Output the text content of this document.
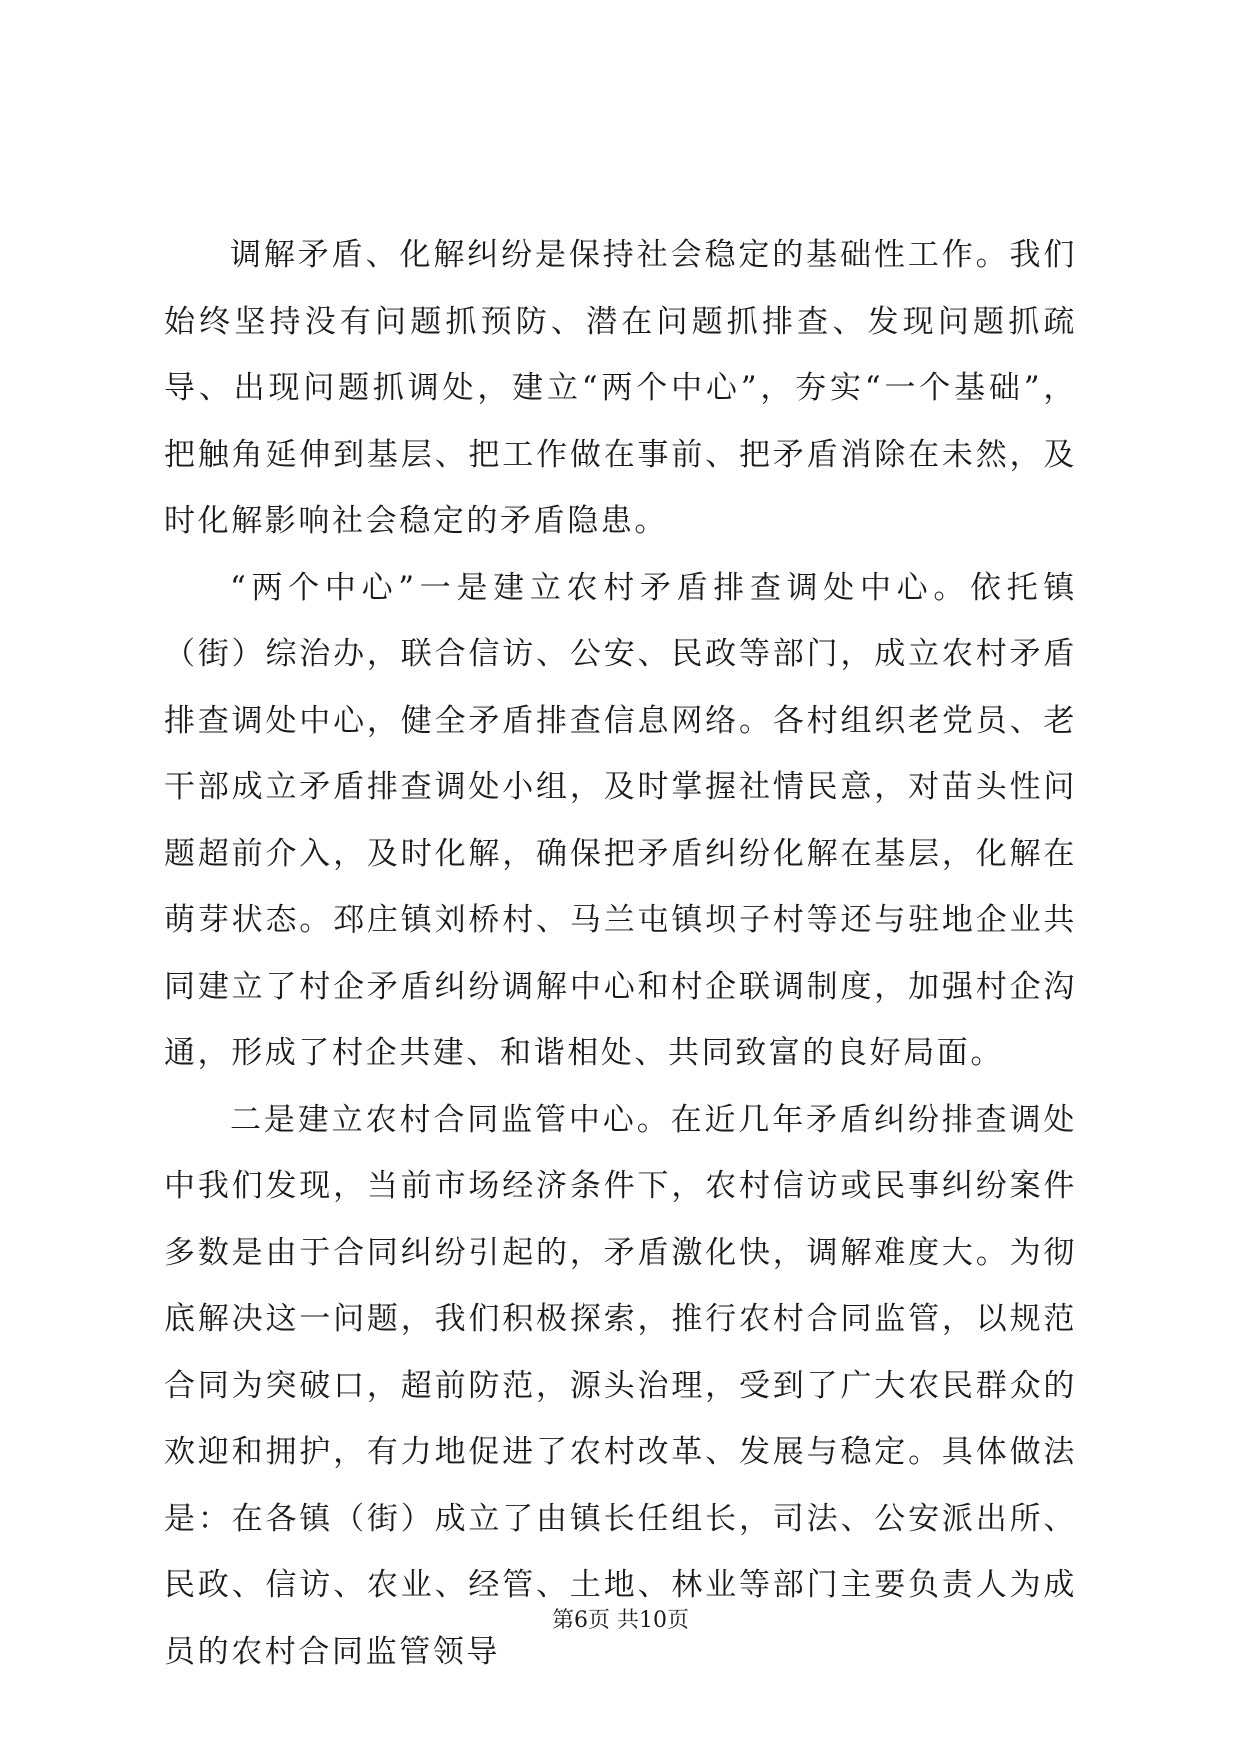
调解矛盾、化解纠纷是保持社会稳定的基础性工作。我们始终坚持没有问题抓预防、潜在问题抓排查、发现问题抓疏导、出现问题抓调处，建立“两个中心”，夯实“一个基础”，把触角延伸到基层、把工作做在事前、把矛盾消除在未然，及时化解影响社会稳定的矛盾隐患。

“两个中心”一是建立农村矛盾排查调处中心。依托镇（街）综治办，联合信访、公安、民政等部门，成立农村矛盾排查调处中心，健全矛盾排查信息网络。各村组织老党员、老干部成立矛盾排查调处小组，及时掌握社情民意，对苗头性问题超前介入，及时化解，确保把矛盾纠纷化解在基层，化解在萌芽状态。邳庄镇刘桥村、马兰屯镇坝子村等还与驻地企业共同建立了村企矛盾纠纷调解中心和村企联调制度，加强村企沟通，形成了村企共建、和谐相处、共同致富的良好局面。

二是建立农村合同监管中心。在近几年矛盾纠纷排查调处中我们发现，当前市场经济条件下，农村信访或民事纠纷案件多数是由于合同纠纷引起的，矛盾激化快，调解难度大。为彻底解决这一问题，我们积极探索，推行农村合同监管，以规范合同为突破口，超前防范，源头治理，受到了广大农民群众的欢迎和拥护，有力地促进了农村改革、发展与稳定。具体做法是：在各镇（街）成立了由镇长任组长，司法、公安派出所、民政、信访、农业、经管、土地、林业等部门主要负责人为成员的农村合同监管领导

第6页 共10页
